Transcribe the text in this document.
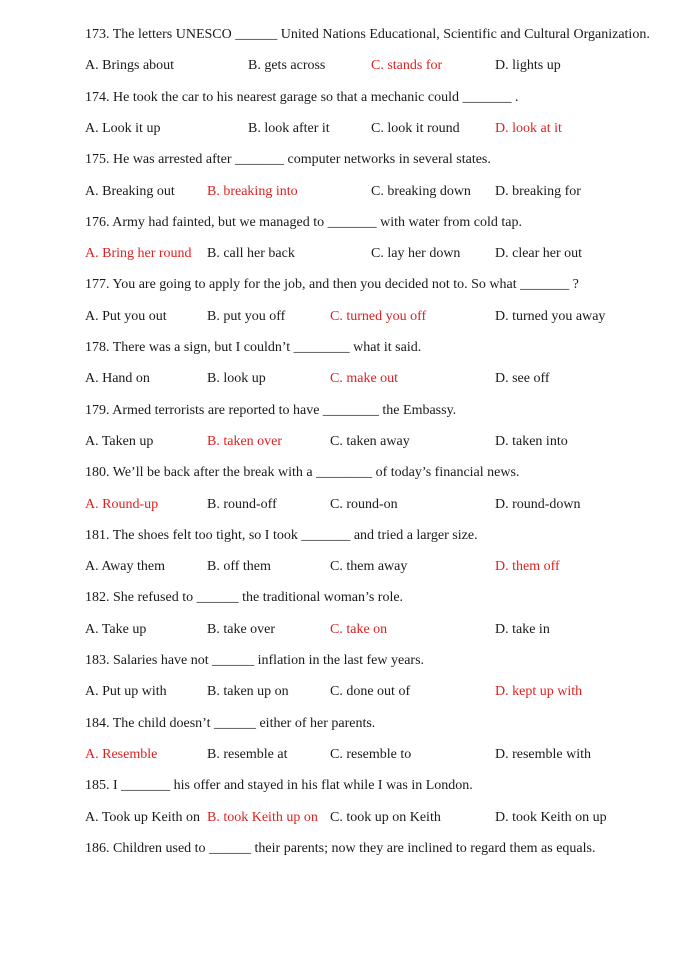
173. The letters UNESCO ______ United Nations Educational, Scientific and Cultural Organization.
A. Brings about	B. gets across	C. stands for	D. lights up
174. He took the car to his nearest garage so that a mechanic could _______ .
A. Look it up	B. look after it	C. look it round	D. look at it
175. He was arrested after _______ computer networks in several states.
A. Breaking out B. breaking into	C. breaking down D. breaking for
176. Army had fainted, but we managed to _______ with water from cold tap.
A. Bring her round B. call her back	C. lay her down D. clear her out
177. You are going to apply for the job, and then you decided not to. So what _______ ?
A. Put you out	B. put you off	C. turned you off	D. turned you away
178. There was a sign, but I couldn’t ________ what it said.
A. Hand on	B. look up	C. make out	D. see off
179. Armed terrorists are reported to have ________ the Embassy.
A. Taken up	B. taken over	C. taken away	D. taken into
180. We’ll be back after the break with a ________ of today’s financial news.
A. Round-up	B. round-off	C. round-on	D. round-down
181. The shoes felt too tight, so I took _______ and tried a larger size.
A. Away them	B. off them	C. them away	D. them off
182. She refused to ______ the traditional woman’s role.
A. Take up	B. take over	C. take on	D. take in
183. Salaries have not ______ inflation in the last few years.
A. Put up with	B. taken up on	C. done out of	D. kept up with
184. The child doesn’t ______ either of her parents.
A. Resemble	B. resemble at	C. resemble to	D. resemble with
185. I _______ his offer and stayed in his flat while I was in London.
A. Took up Keith on B. took Keith up on C. took up on Keith	D. took Keith on up
186. Children used to ______ their parents; now they are inclined to regard them as equals.
